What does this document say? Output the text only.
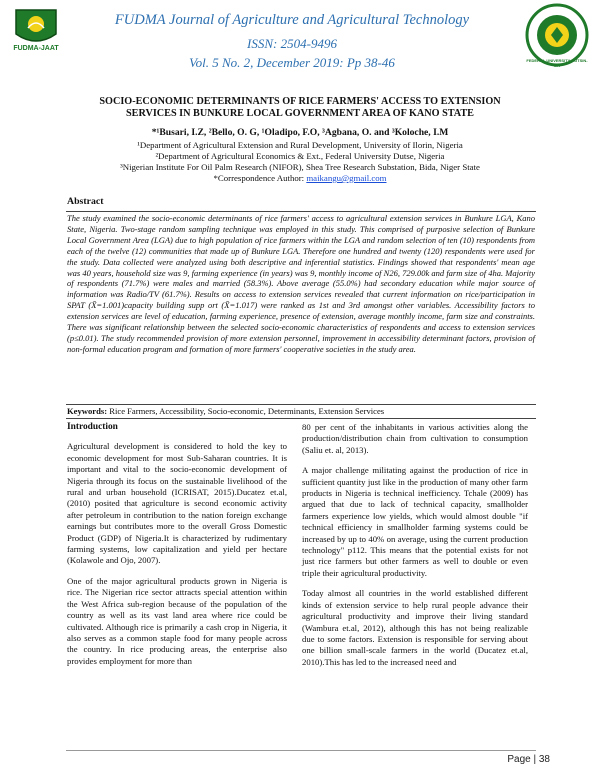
FUDMA-JAAT
FUDMA Journal of Agriculture and Agricultural Technology
ISSN: 2504-9496
Vol. 5 No. 2, December 2019: Pp 38-46	FEDERAL UNIVERSITY DUTSIN-MA
SOCIO-ECONOMIC DETERMINANTS OF RICE FARMERS' ACCESS TO EXTENSION SERVICES IN BUNKURE LOCAL GOVERNMENT AREA OF KANO STATE
*¹Busari, I.Z, ²Bello, O. G, ¹Oladipo, F.O, ³Agbana, O. and ³Koloche, I.M
¹Department of Agricultural Extension and Rural Development, University of Ilorin, Nigeria
²Department of Agricultural Economics & Ext., Federal University Dutse, Nigeria
³Nigerian Institute For Oil Palm Research (NIFOR), Shea Tree Research Substation, Bida, Niger State
*Correspondence Author: maikangu@gmail.com
Abstract
The study examined the socio-economic determinants of rice farmers' access to agricultural extension services in Bunkure LGA, Kano State, Nigeria. Two-stage random sampling technique was employed in this study. This comprised of purposive selection of Bunkure Local Government Area (LGA) due to high population of rice farmers within the LGA and random selection of ten (10) respondents from each of the twelve (12) communities that made up of Bunkure LGA. Therefore one hundred and twenty (120) respondents were used for the study. Data collected were analyzed using both descriptive and inferential statistics. Findings showed that respondents' mean age was 40 years, household size was 9, farming experience (in years) was 9, monthly income of N26, 729.00k and farm size of 4ha. Majority of respondents (71.7%) were males and married (58.3%). Above average (55.0%) had secondary education while major source of information was Radio/TV (61.7%). Results on access to extension services revealed that current information on rice/participation in SPAT (X̄=1.001)capacity building supp ort (X̄=1.017) were ranked as 1st and 3rd amongst other variables. Accessibility factors to extension services are level of education, farming experience, presence of extension, average monthly income, farm size and constraints. There was significant relationship between the selected socio-economic characteristics of respondents and access to extension services (p≤0.01). The study recommended provision of more extension personnel, improvement in accessibility determinant factors, provision of non-formal education program and formation of more farmers' cooperative societies in the study area.
Keywords: Rice Farmers, Accessibility, Socio-economic, Determinants, Extension Services
Introduction

Agricultural development is considered to hold the key to economic development for most Sub-Saharan countries. It is important and vital to the socio-economic development of Nigeria through its focus on the sustainable livelihood of the rural and urban household (ICRISAT, 2015).Ducatez et.al, (2010) posited that agriculture is second economic activity after petroleum in contribution to the nation foreign exchange earnings but contributes more to the overall Gross Domestic Product (GDP) of Nigeria.It is characterized by rudimentary farming systems, low capitalization and yield per hectare (Kolawole and Ojo, 2007).

One of the major agricultural products grown in Nigeria is rice. The Nigerian rice sector attracts special attention within the West Africa sub-region because of the population of the country as well as its vast land area where rice could be cultivated. Although rice is primarily a cash crop in Nigeria, it also serves as a common staple food for many people across the country. In rice producing areas, the enterprise also provides employment for more than

80 per cent of the inhabitants in various activities along the production/distribution chain from cultivation to consumption (Saliu et. al, 2013).

A major challenge militating against the production of rice in sufficient quantity just like in the production of many other farm products in Nigeria is technical inefficiency. Tchale (2009) has argued that due to lack of technical capacity, smallholder farmers experience low yields, which would almost double "if technical efficiency in smallholder farming systems could be increased by up to 40% on average, using the current production technology" p112. This means that the potential exists for not just rice farmers but other farmers as well to double or even triple their agricultural productivity.

Today almost all countries in the world established different kinds of extension service to help rural people advance their agricultural productivity and improve their living standard (Wambura et.al, 2012), although this has not being realizable due to some factors. Extension is responsible for serving about one billion small-scale farmers in the world (Ducatez et.al, 2010).This has led to the increased need and

Page | 38
